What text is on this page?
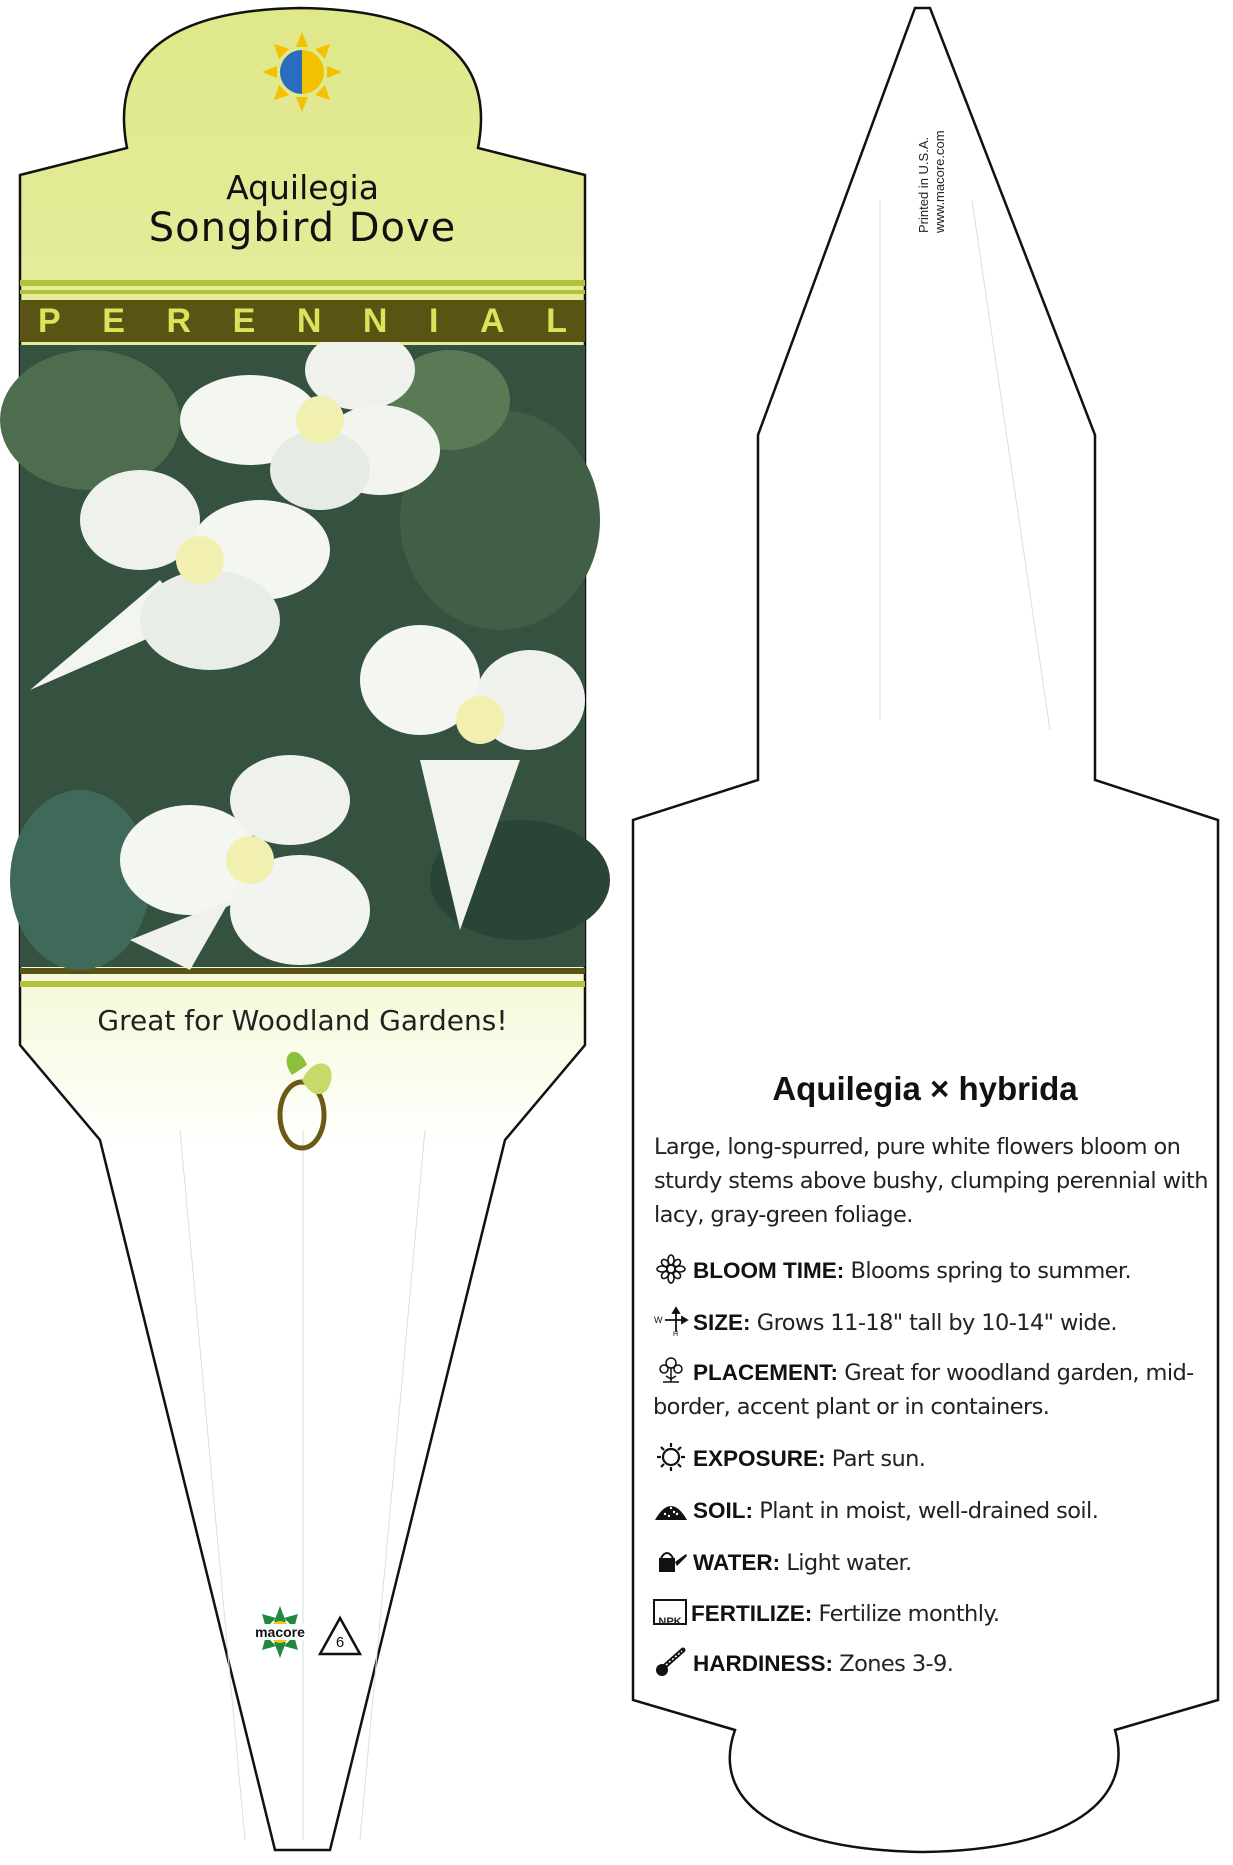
Aquilegia
Songbird Dove
P E R E N N I A L
Great for Woodland Gardens!
macore
6
Printed in U.S.A. www.macore.com
Aquilegia × hybrida
Large, long-spurred, pure white flowers bloom on sturdy stems above bushy, clumping perennial with lacy, gray-green foliage.
BLOOM TIME: Blooms spring to summer.
W
H SIZE: Grows 11-18" tall by 10-14" wide.
PLACEMENT: Great for woodland garden, mid-border, accent plant or in containers.
EXPOSURE: Part sun.
SOIL: Plant in moist, well-drained soil.
WATER: Light water.
NPK FERTILIZE: Fertilize monthly.
HARDINESS: Zones 3-9.
